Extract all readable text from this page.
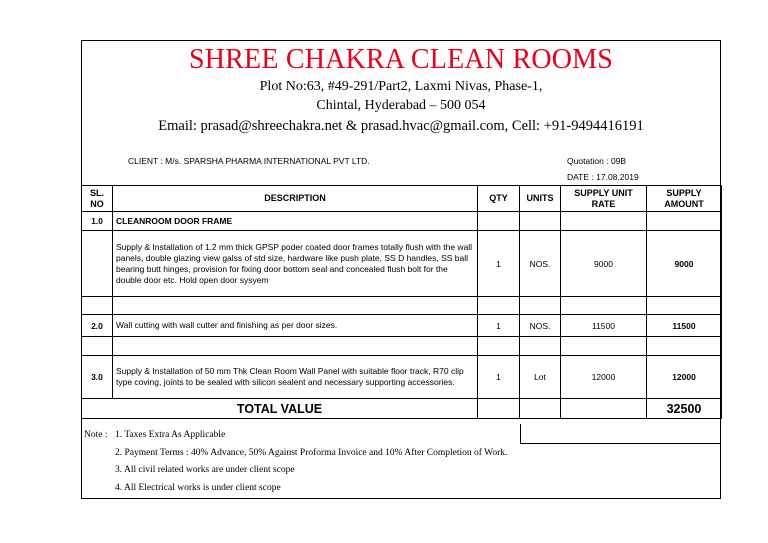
SHREE CHAKRA CLEAN ROOMS
Plot No:63, #49-291/Part2, Laxmi Nivas, Phase-1,
Chintal, Hyderabad – 500 054
Email: prasad@shreechakra.net & prasad.hvac@gmail.com, Cell: +91-9494416191
CLIENT : M/s. SPARSHA PHARMA INTERNATIONAL PVT LTD.	Quotation : 09B
DATE : 17.08.2019
SL. NO	DESCRIPTION	QTY	UNITS	SUPPLY UNIT RATE	SUPPLY AMOUNT
1.0	CLEANROOM DOOR FRAME				
	Supply & Installation of 1.2 mm thick GPSP poder coated door frames totally flush with the wall panels, double glazing view galss of std size, hardware like push plate, SS D handles, SS ball bearing butt hinges, provision for fixing door bottom seal and concealed flush bolt for the double door etc. Hold open door sysyem	1	NOS.	9000	9000

2.0	Wall cutting with wall cutter and finishing as per door sizes.	1	NOS.	11500	11500

3.0	Supply & Installation of 50 mm Thk Clean Room Wall Panel with suitable floor track, R70 clip type coving, joints to be sealed with silicon sealent and necessary supporting accessories.	1	Lot	12000	12000
TOTAL VALUE					32500
Note : 1. Taxes Extra As Applicable
2. Payment Terms : 40% Advance, 50% Against Proforma Invoice and 10% After Completion of Work.
3. All civil related works are under client scope
4. All Electrical works is under client scope
